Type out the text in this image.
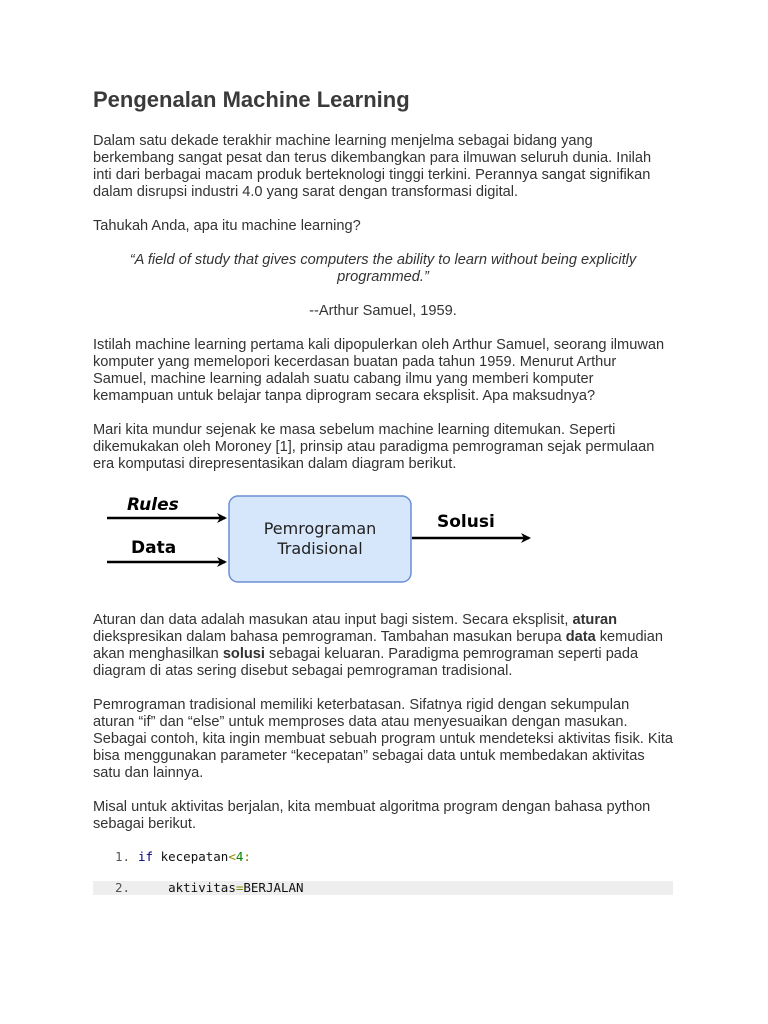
Pengenalan Machine Learning

Dalam satu dekade terakhir machine learning menjelma sebagai bidang yang berkembang sangat pesat dan terus dikembangkan para ilmuwan seluruh dunia. Inilah inti dari berbagai macam produk berteknologi tinggi terkini. Perannya sangat signifikan dalam disrupsi industri 4.0 yang sarat dengan transformasi digital.

Tahukah Anda, apa itu machine learning?

“A field of study that gives computers the ability to learn without being explicitly programmed.”

--Arthur Samuel, 1959.

Istilah machine learning pertama kali dipopulerkan oleh Arthur Samuel, seorang ilmuwan komputer yang memelopori kecerdasan buatan pada tahun 1959. Menurut Arthur Samuel, machine learning adalah suatu cabang ilmu yang memberi komputer kemampuan untuk belajar tanpa diprogram secara eksplisit. Apa maksudnya?

Mari kita mundur sejenak ke masa sebelum machine learning ditemukan. Seperti dikemukakan oleh Moroney [1], prinsip atau paradigma pemrograman sejak permulaan era komputasi direpresentasikan dalam diagram berikut.

Rules
Data
Pemrograman
Tradisional
Solusi

Aturan dan data adalah masukan atau input bagi sistem. Secara eksplisit, aturan diekspresikan dalam bahasa pemrograman. Tambahan masukan berupa data kemudian akan menghasilkan solusi sebagai keluaran. Paradigma pemrograman seperti pada diagram di atas sering disebut sebagai pemrograman tradisional.

Pemrograman tradisional memiliki keterbatasan. Sifatnya rigid dengan sekumpulan aturan “if” dan “else” untuk memproses data atau menyesuaikan dengan masukan. Sebagai contoh, kita ingin membuat sebuah program untuk mendeteksi aktivitas fisik. Kita bisa menggunakan parameter “kecepatan” sebagai data untuk membedakan aktivitas satu dan lainnya.

Misal untuk aktivitas berjalan, kita membuat algoritma program dengan bahasa python sebagai berikut.

1. if kecepatan<4:
2.	aktivitas=BERJALAN
